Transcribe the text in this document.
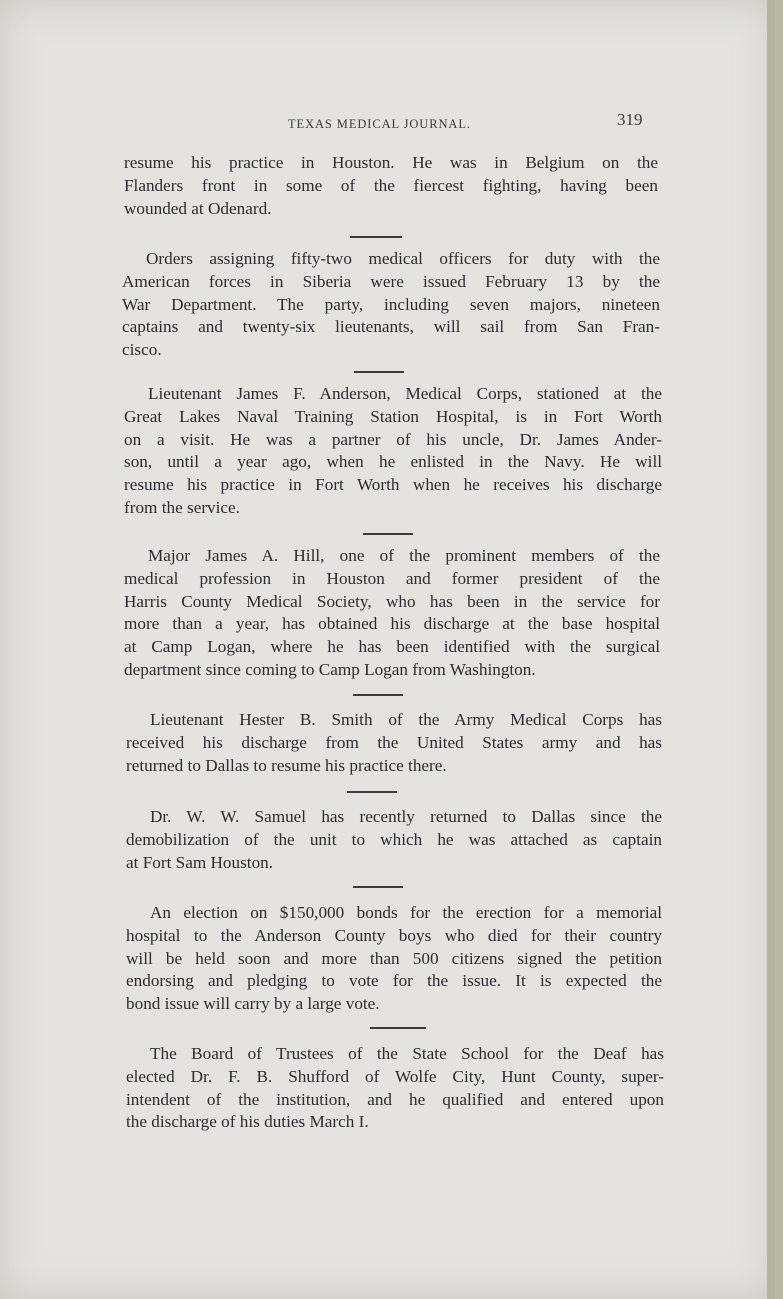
TEXAS MEDICAL JOURNAL.	319
resume his practice in Houston. He was in Belgium on the
Flanders front in some of the fiercest fighting, having been
wounded at Odenard.
Orders assigning fifty-two medical officers for duty with the
American forces in Siberia were issued February 13 by the
War Department. The party, including seven majors, nineteen
captains and twenty-six lieutenants, will sail from San Fran-
cisco.
Lieutenant James F. Anderson, Medical Corps, stationed at the
Great Lakes Naval Training Station Hospital, is in Fort Worth
on a visit. He was a partner of his uncle, Dr. James Ander-
son, until a year ago, when he enlisted in the Navy. He will
resume his practice in Fort Worth when he receives his discharge
from the service.
Major James A. Hill, one of the prominent members of the
medical profession in Houston and former president of the
Harris County Medical Society, who has been in the service for
more than a year, has obtained his discharge at the base hospital
at Camp Logan, where he has been identified with the surgical
department since coming to Camp Logan from Washington.
Lieutenant Hester B. Smith of the Army Medical Corps has
received his discharge from the United States army and has
returned to Dallas to resume his practice there.
Dr. W. W. Samuel has recently returned to Dallas since the
demobilization of the unit to which he was attached as captain
at Fort Sam Houston.
An election on $150,000 bonds for the erection for a memorial
hospital to the Anderson County boys who died for their country
will be held soon and more than 500 citizens signed the petition
endorsing and pledging to vote for the issue. It is expected the
bond issue will carry by a large vote.
The Board of Trustees of the State School for the Deaf has
elected Dr. F. B. Shufford of Wolfe City, Hunt County, super-
intendent of the institution, and he qualified and entered upon
the discharge of his duties March I.
